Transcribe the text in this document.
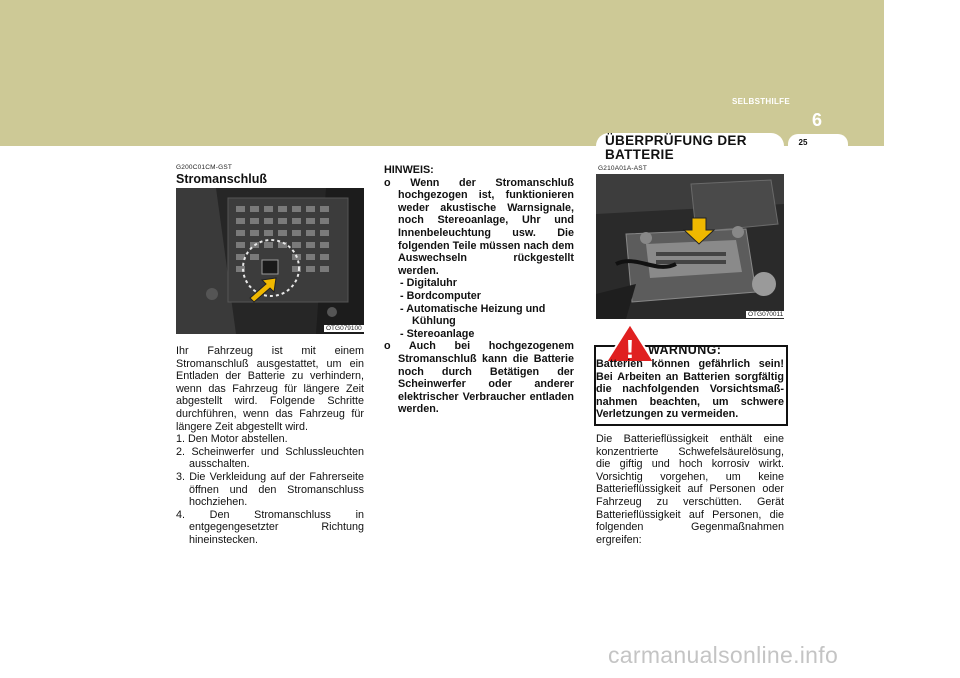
SELBSTHILFE
6
25
ÜBERPRÜFUNG DER BATTERIE
G200C01CM-GST
Stromanschluß
OTG079100

Ihr Fahrzeug ist mit einem Stromanschluß ausgestattet, um ein Entladen der Batterie zu verhindern, wenn das Fahrzeug für längere Zeit abgestellt wird. Folgende Schritte durchführen, wenn das Fahrzeug für längere Zeit abgestellt wird.

1. Den Motor abstellen.

2. Scheinwerfer und Schlussleuchten ausschalten.

3. Die Verkleidung auf der Fahrerseite öffnen und den Stromanschluss hochziehen.

4. Den Stromanschluss in entgegengesetzter Richtung hineinstecken.

HINWEIS:

o Wenn der Stromanschluß hochgezogen ist, funktionieren weder akustische Warnsignale, noch Stereoanlage, Uhr und Innenbeleuchtung usw. Die folgenden Teile müssen nach dem Auswechseln rückgestellt werden.

- Digitaluhr

- Bordcomputer

- Automatische Heizung und Kühlung

- Stereoanlage

o Auch bei hochgezogenem Stromanschluß kann die Batterie noch durch Betätigen der Scheinwerfer oder anderer elektrischer Verbraucher entladen werden.

G210A01A-AST
OTG070011
! WARNUNG:
Batterien können gefährlich sein! Bei Arbeiten an Batterien sorgfältig die nachfolgenden Vorsichtsmaß-nahmen beachten, um schwere Verletzungen zu vermeiden.
Die Batterieflüssigkeit enthält eine konzentrierte Schwefelsäurelösung, die giftig und hoch korrosiv wirkt. Vorsichtig vorgehen, um keine Batterieflüssigkeit auf Personen oder Fahrzeug zu verschütten. Gerät Batterieflüssigkeit auf Personen, die folgenden Gegenmaßnahmen ergreifen:
carmanualsonline.info
